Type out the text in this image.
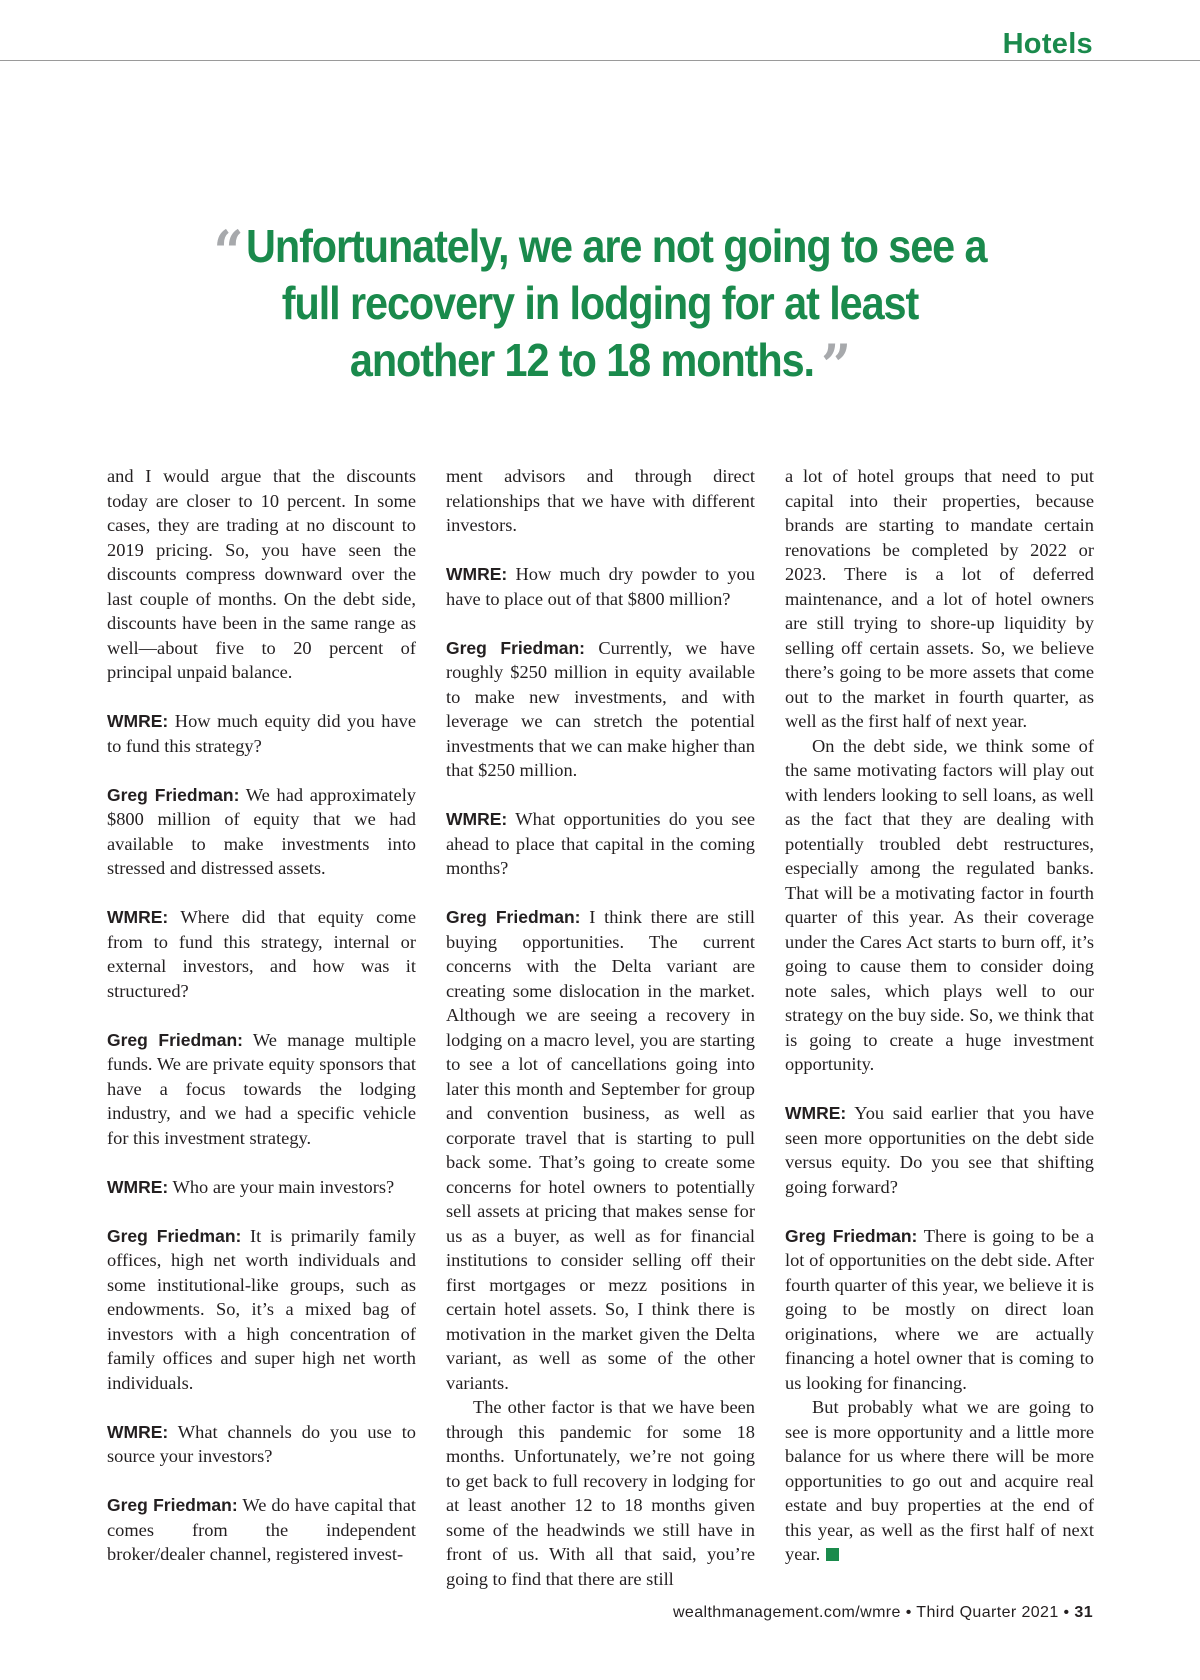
Hotels
“Unfortunately, we are not going to see a full recovery in lodging for at least another 12 to 18 months. ”

and I would argue that the discounts today are closer to 10 percent. In some cases, they are trading at no discount to 2019 pricing. So, you have seen the discounts compress downward over the last couple of months. On the debt side, discounts have been in the same range as well—about five to 20 percent of principal unpaid balance.

WMRE: How much equity did you have to fund this strategy?

Greg Friedman: We had approximately $800 million of equity that we had available to make investments into stressed and distressed assets.

WMRE: Where did that equity come from to fund this strategy, internal or external investors, and how was it structured?

Greg Friedman: We manage multiple funds. We are private equity sponsors that have a focus towards the lodging industry, and we had a specific vehicle for this investment strategy.

WMRE: Who are your main investors?

Greg Friedman: It is primarily family offices, high net worth individuals and some institutional-like groups, such as endowments. So, it’s a mixed bag of investors with a high concentration of family offices and super high net worth individuals.

WMRE: What channels do you use to source your investors?

Greg Friedman: We do have capital that comes from the independent broker/dealer channel, registered invest-

ment advisors and through direct relationships that we have with different investors.

WMRE: How much dry powder to you have to place out of that $800 million?

Greg Friedman: Currently, we have roughly $250 million in equity available to make new investments, and with leverage we can stretch the potential investments that we can make higher than that $250 million.

WMRE: What opportunities do you see ahead to place that capital in the coming months?

Greg Friedman: I think there are still buying opportunities. The current concerns with the Delta variant are creating some dislocation in the market. Although we are seeing a recovery in lodging on a macro level, you are starting to see a lot of cancellations going into later this month and September for group and convention business, as well as corporate travel that is starting to pull back some. That’s going to create some concerns for hotel owners to potentially sell assets at pricing that makes sense for us as a buyer, as well as for financial institutions to consider selling off their first mortgages or mezz positions in certain hotel assets. So, I think there is motivation in the market given the Delta variant, as well as some of the other variants.

The other factor is that we have been through this pandemic for some 18 months. Unfortunately, we’re not going to get back to full recovery in lodging for at least another 12 to 18 months given some of the headwinds we still have in front of us. With all that said, you’re going to find that there are still

a lot of hotel groups that need to put capital into their properties, because brands are starting to mandate certain renovations be completed by 2022 or 2023. There is a lot of deferred maintenance, and a lot of hotel owners are still trying to shore-up liquidity by selling off certain assets. So, we believe there’s going to be more assets that come out to the market in fourth quarter, as well as the first half of next year.

On the debt side, we think some of the same motivating factors will play out with lenders looking to sell loans, as well as the fact that they are dealing with potentially troubled debt restructures, especially among the regulated banks. That will be a motivating factor in fourth quarter of this year. As their coverage under the Cares Act starts to burn off, it’s going to cause them to consider doing note sales, which plays well to our strategy on the buy side. So, we think that is going to create a huge investment opportunity.

WMRE: You said earlier that you have seen more opportunities on the debt side versus equity. Do you see that shifting going forward?

Greg Friedman: There is going to be a lot of opportunities on the debt side. After fourth quarter of this year, we believe it is going to be mostly on direct loan originations, where we are actually financing a hotel owner that is coming to us looking for financing.

But probably what we are going to see is more opportunity and a little more balance for us where there will be more opportunities to go out and acquire real estate and buy properties at the end of this year, as well as the first half of next year.

wealthmanagement.com/wmre • Third Quarter 2021 • 31
